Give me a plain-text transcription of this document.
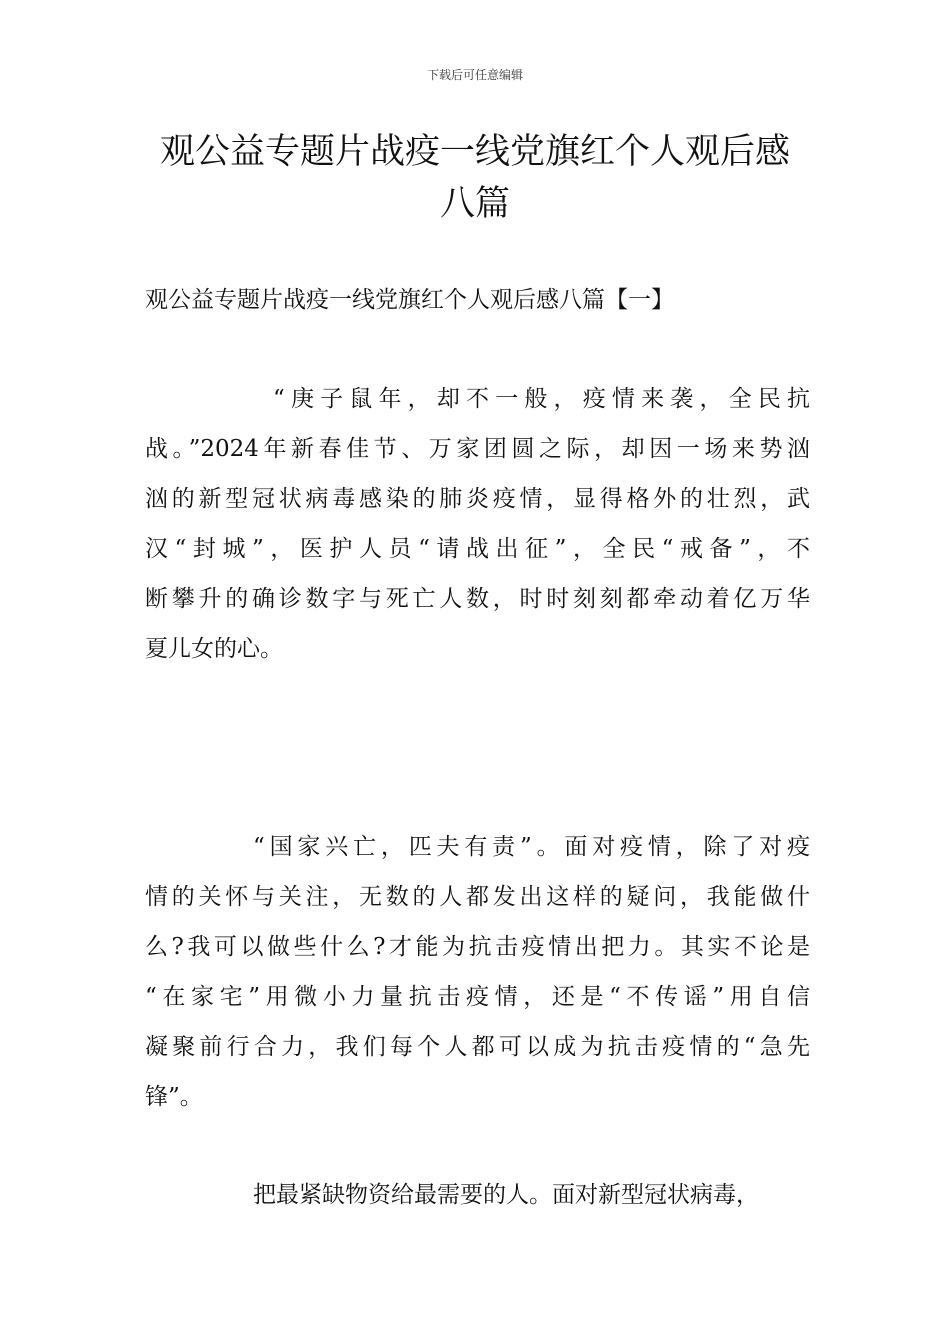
下载后可任意编辑
观公益专题片战疫一线党旗红个人观后感
八篇
观公益专题片战疫一线党旗红个人观后感八篇【一】
“庚子鼠年，却不一般，疫情来袭，全民抗
战。”2024年新春佳节、万家团圆之际，却因一场来势汹
汹的新型冠状病毒感染的肺炎疫情，显得格外的壮烈，武
汉“封城”，医护人员“请战出征”，全民“戒备”，不
断攀升的确诊数字与死亡人数，时时刻刻都牵动着亿万华
夏儿女的心。
“国家兴亡，匹夫有责”。面对疫情，除了对疫
情的关怀与关注，无数的人都发出这样的疑问，我能做什
么?我可以做些什么?才能为抗击疫情出把力。其实不论是
“在家宅”用微小力量抗击疫情，还是“不传谣”用自信
凝聚前行合力，我们每个人都可以成为抗击疫情的“急先
锋”。
把最紧缺物资给最需要的人。面对新型冠状病毒，
